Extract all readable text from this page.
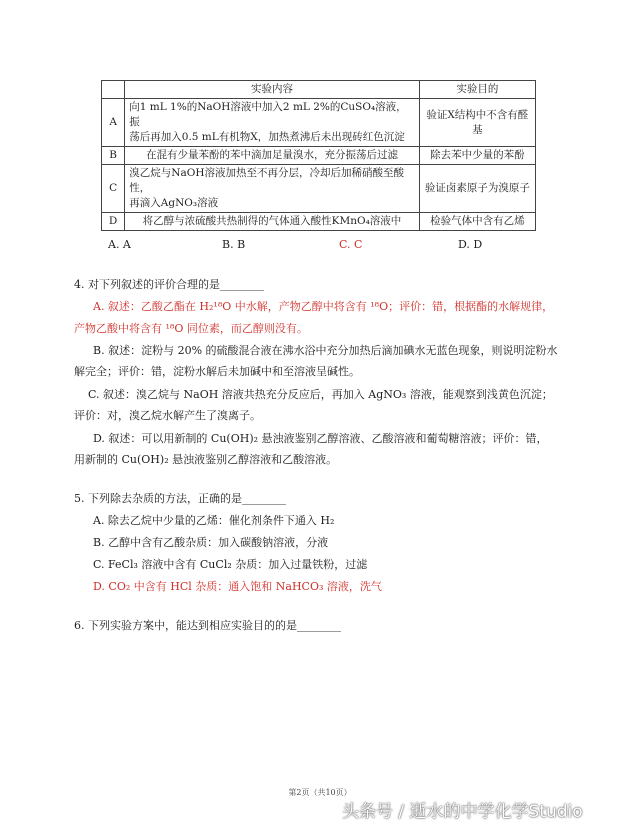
	实验内容	实验目的
A	向1 mL 1%的NaOH溶液中加入2 mL 2%的CuSO₄溶液，振
荡后再加入0.5 mL有机物X，加热煮沸后未出现砖红色沉淀	验证X结构中不含有醛基
B	在混有少量苯酚的苯中滴加足量溴水，充分振荡后过滤	除去苯中少量的苯酚
C	溴乙烷与NaOH溶液加热至不再分层，冷却后加稀硝酸至酸性，
再滴入AgNO₃溶液	验证卤素原子为溴原子
D	将乙醇与浓硫酸共热制得的气体通入酸性KMnO₄溶液中	检验气体中含有乙烯
A. A	B. B	C. C	D. D
4. 对下列叙述的评价合理的是________
A. 叙述：乙酸乙酯在 H₂¹⁸O 中水解，产物乙醇中将含有 ¹⁸O；评价：错，根据酯的水解规律，
产物乙酸中将含有 ¹⁸O 同位素，而乙醇则没有。
B. 叙述：淀粉与 20% 的硫酸混合液在沸水浴中充分加热后滴加碘水无蓝色现象，则说明淀粉水
解完全；评价：错，淀粉水解后未加碱中和至溶液呈碱性。
C. 叙述：溴乙烷与 NaOH 溶液共热充分反应后，再加入 AgNO₃ 溶液，能观察到浅黄色沉淀；
评价：对，溴乙烷水解产生了溴离子。
D. 叙述：可以用新制的 Cu(OH)₂ 悬浊液鉴别乙醇溶液、乙酸溶液和葡萄糖溶液；评价：错，
用新制的 Cu(OH)₂ 悬浊液鉴别乙醇溶液和乙酸溶液。
5. 下列除去杂质的方法，正确的是________
A. 除去乙烷中少量的乙烯：催化剂条件下通入 H₂
B. 乙醇中含有乙酸杂质：加入碳酸钠溶液，分液
C. FeCl₃ 溶液中含有 CuCl₂ 杂质：加入过量铁粉，过滤
D. CO₂ 中含有 HCl 杂质：通入饱和 NaHCO₃ 溶液，洗气
6. 下列实验方案中，能达到相应实验目的的是________
第2页（共10页）
头条号 / 逝水的中学化学Studio
